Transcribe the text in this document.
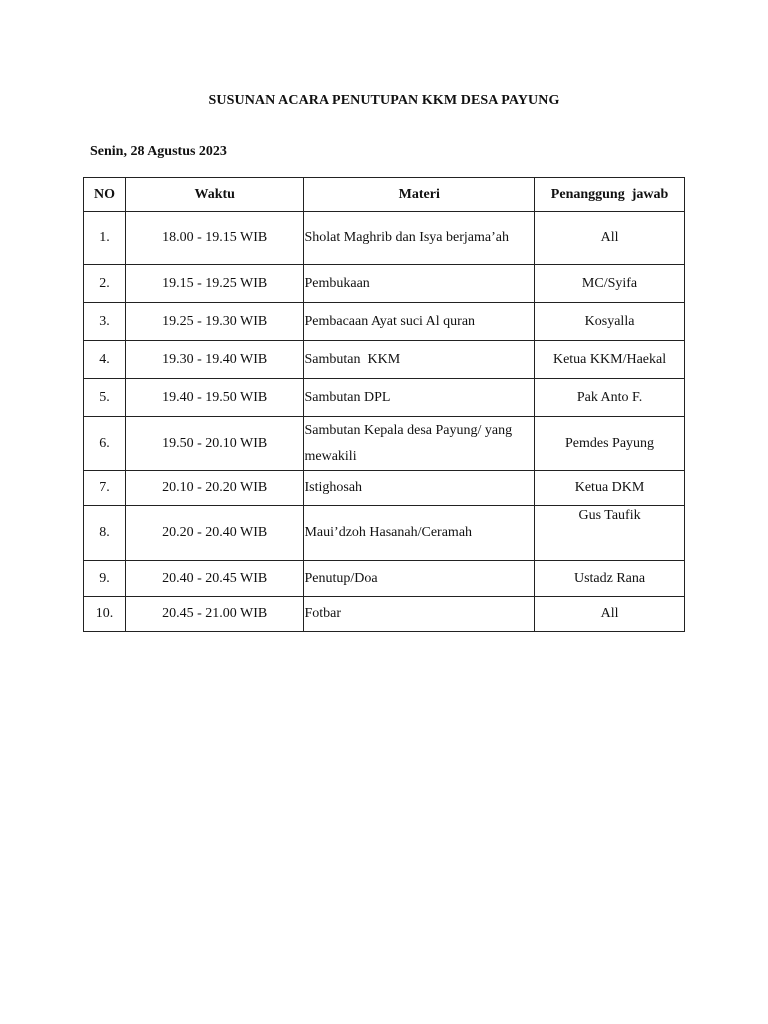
SUSUNAN ACARA PENUTUPAN KKM DESA PAYUNG
Senin, 28 Agustus 2023
NO	Waktu	Materi	Penanggung  jawab
1.	18.00 - 19.15 WIB	Sholat Maghrib dan Isya berjama’ah	All
2.	19.15 - 19.25 WIB	Pembukaan	MC/Syifa
3.	19.25 - 19.30 WIB	Pembacaan Ayat suci Al quran	Kosyalla
4.	19.30 - 19.40 WIB	Sambutan  KKM	Ketua KKM/Haekal
5.	19.40 - 19.50 WIB	Sambutan DPL	Pak Anto F.
6.	19.50 - 20.10 WIB	Sambutan Kepala desa Payung/ yang mewakili	Pemdes Payung
7.	20.10 - 20.20 WIB	Istighosah	Ketua DKM
8.	20.20 - 20.40 WIB	Maui’dzoh Hasanah/Ceramah	Gus Taufik
9.	20.40 - 20.45 WIB	Penutup/Doa	Ustadz Rana
10.	20.45 - 21.00 WIB	Fotbar	All
